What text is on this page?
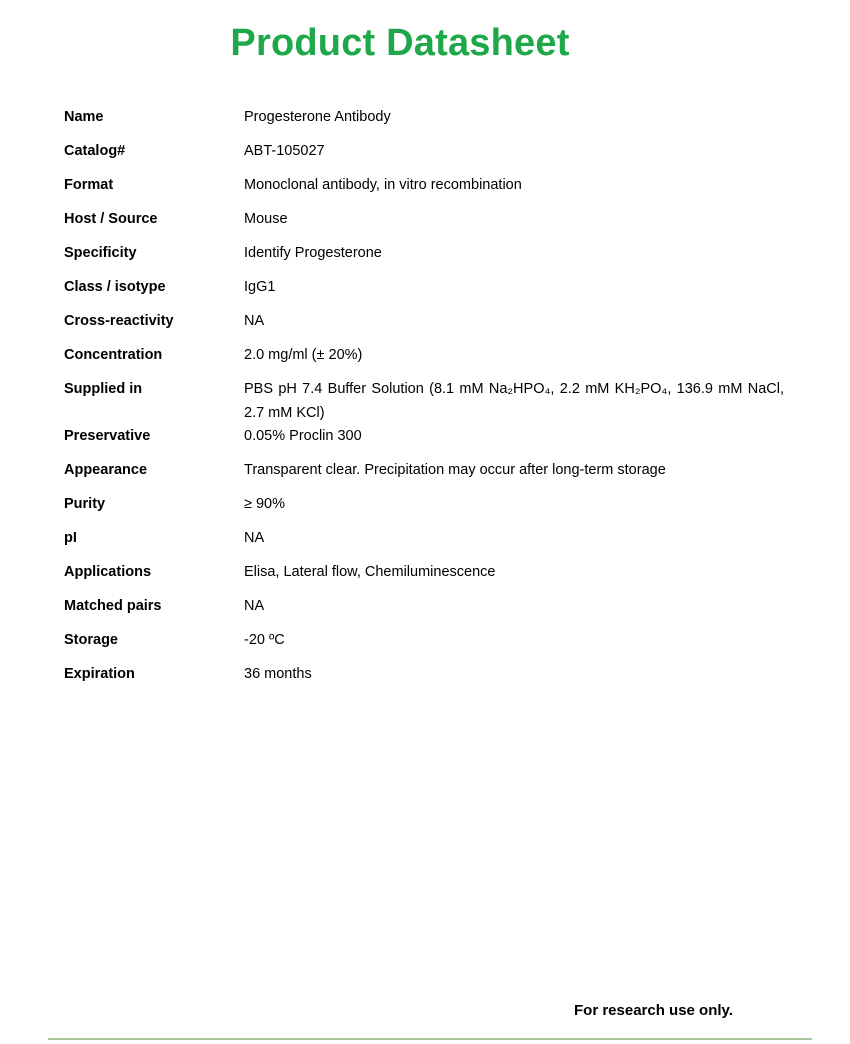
Product Datasheet
Name	Progesterone Antibody
Catalog#	ABT-105027
Format	Monoclonal antibody, in vitro recombination
Host / Source	Mouse
Specificity	Identify Progesterone
Class / isotype	IgG1
Cross-reactivity	NA
Concentration	2.0 mg/ml (± 20%)
Supplied in	PBS pH 7.4 Buffer Solution (8.1 mM Na₂HPO₄, 2.2 mM KH₂PO₄, 136.9 mM NaCl, 2.7 mM KCl)
Preservative	0.05% Proclin 300
Appearance	Transparent clear. Precipitation may occur after long-term storage
Purity	≥ 90%
pI	NA
Applications	Elisa, Lateral flow, Chemiluminescence
Matched pairs	NA
Storage	-20 ºC
Expiration	36 months
For research use only.
